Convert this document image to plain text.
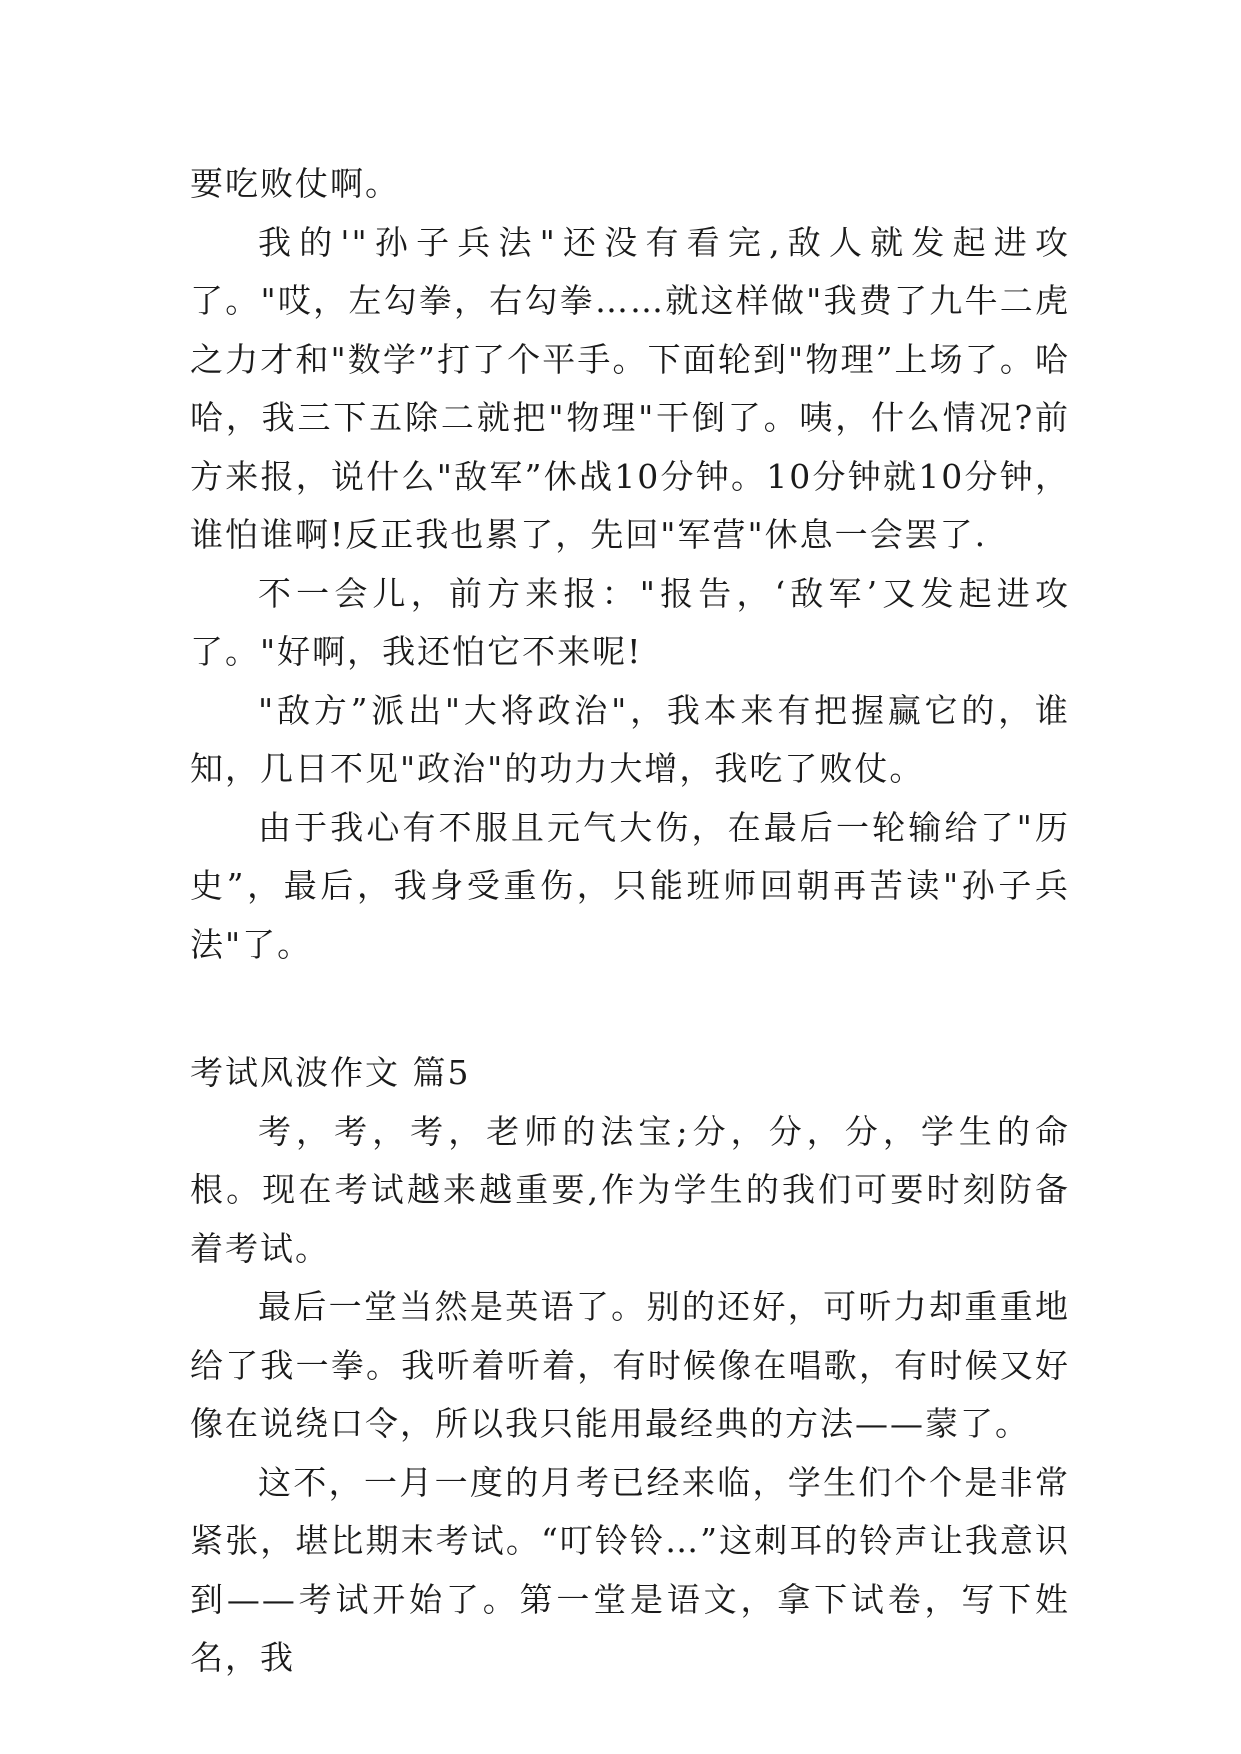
要吃败仗啊。

我的'"孙子兵法"还没有看完,敌人就发起进攻了。"哎，左勾拳，右勾拳……就这样做"我费了九牛二虎之力才和"数学”打了个平手。下面轮到"物理”上场了。哈哈，我三下五除二就把"物理"干倒了。咦，什么情况?前方来报，说什么"敌军”休战10分钟。10分钟就10分钟，谁怕谁啊!反正我也累了，先回"军营"休息一会罢了.

不一会儿，前方来报："报告，‘敌军’又发起进攻了。"好啊，我还怕它不来呢!

"敌方”派出"大将政治"，我本来有把握赢它的，谁知，几日不见"政治"的功力大增，我吃了败仗。

由于我心有不服且元气大伤，在最后一轮输给了"历史”，最后，我身受重伤，只能班师回朝再苦读"孙子兵法"了。

考试风波作文 篇5

考，考，考，老师的法宝;分，分，分，学生的命根。现在考试越来越重要,作为学生的我们可要时刻防备着考试。

最后一堂当然是英语了。别的还好，可听力却重重地给了我一拳。我听着听着，有时候像在唱歌，有时候又好像在说绕口令，所以我只能用最经典的方法——蒙了。

这不，一月一度的月考已经来临，学生们个个是非常紧张，堪比期末考试。“叮铃铃…”这刺耳的铃声让我意识到——考试开始了。第一堂是语文，拿下试卷，写下姓名，我
